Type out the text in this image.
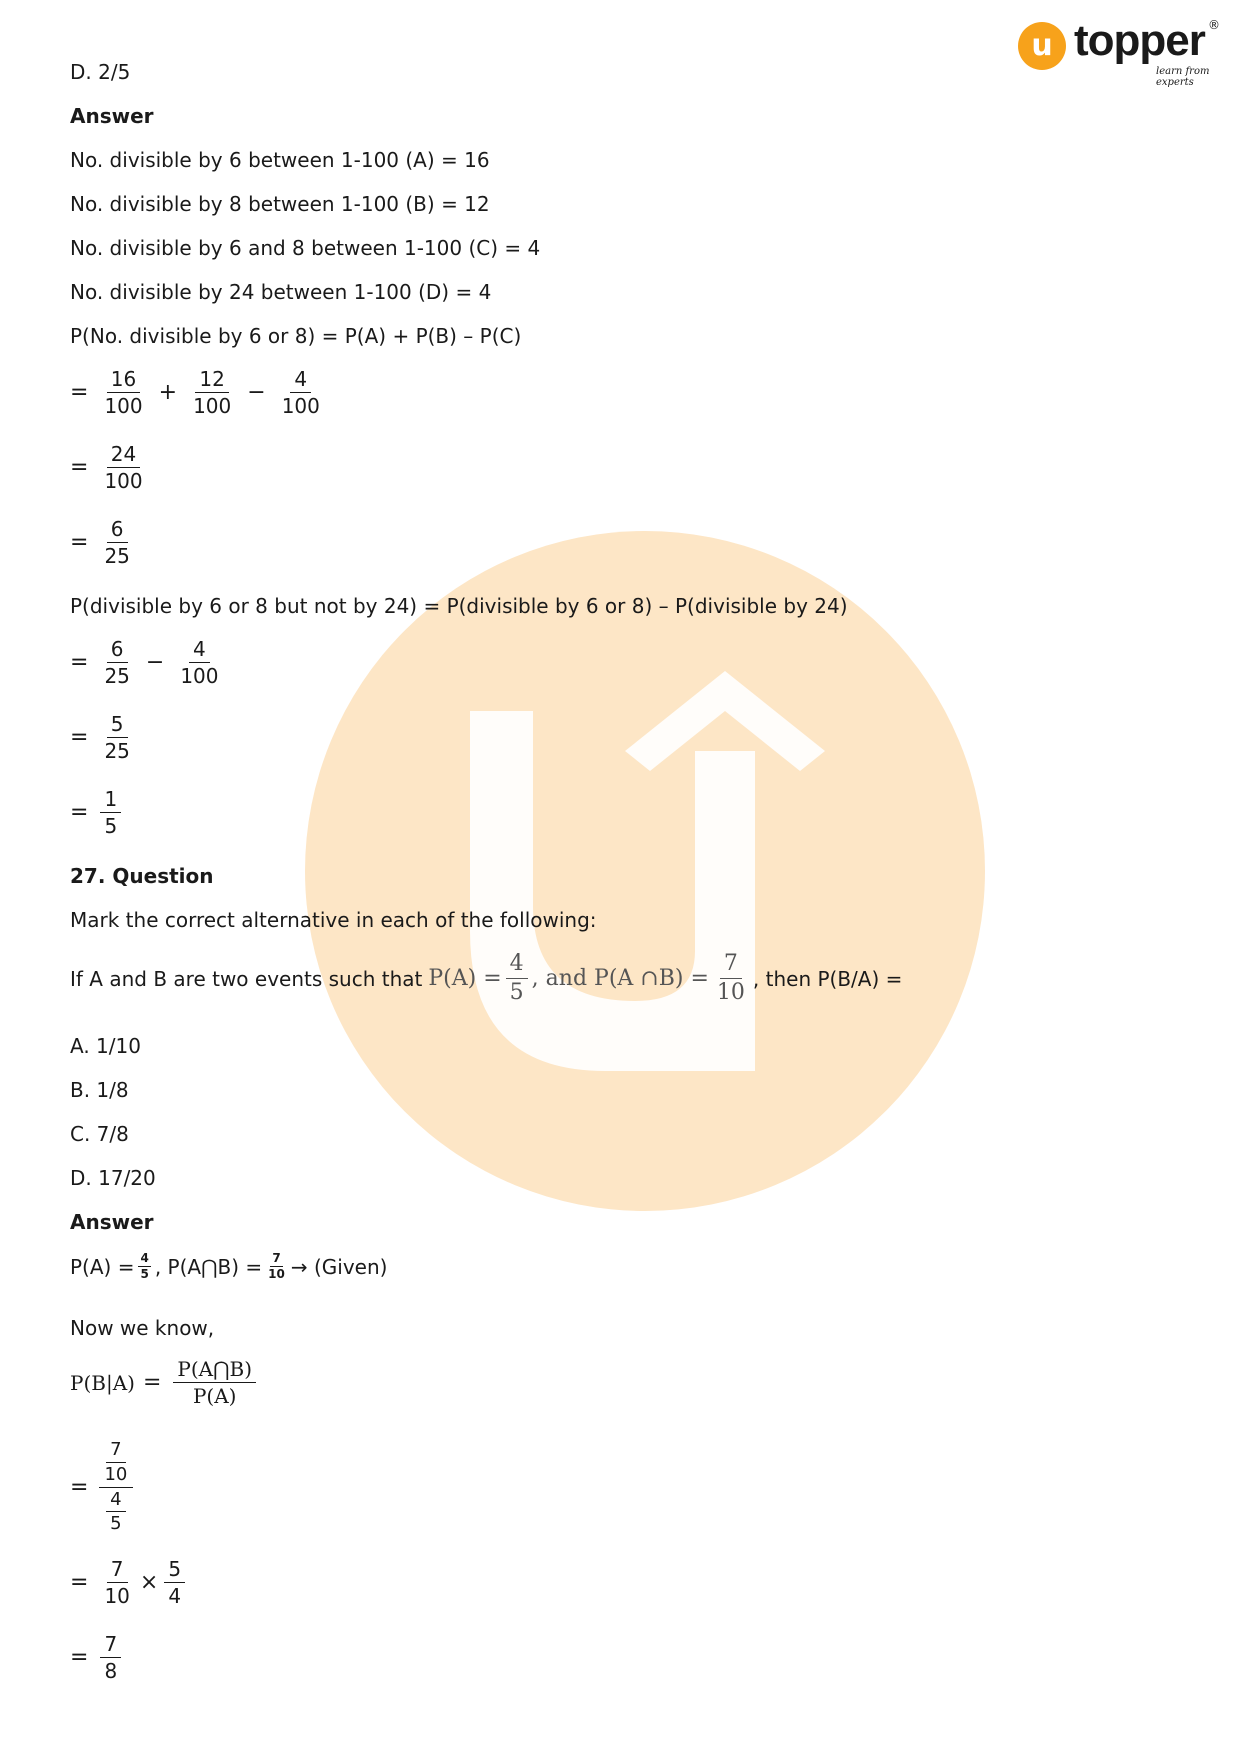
u topper ®
learn from experts
D. 2/5
Answer
No. divisible by 6 between 1-100 (A) = 16
No. divisible by 8 between 1-100 (B) = 12
No. divisible by 6 and 8 between 1-100 (C) = 4
No. divisible by 24 between 1-100 (D) = 4
P(No. divisible by 6 or 8) = P(A) + P(B) – P(C)
= $\frac{16}{100} + \frac{12}{100} - \frac{4}{100}$
= $\frac{24}{100}$
= $\frac{6}{25}$
P(divisible by 6 or 8 but not by 24) = P(divisible by 6 or 8) – P(divisible by 24)
= $\frac{6}{25} - \frac{4}{100}$
= $\frac{5}{25}$
= $\frac{1}{5}$
27. Question
Mark the correct alternative in each of the following:
If A and B are two events such that $P(A) = \frac{4}{5}$ , and P(A ∩B) = $\frac{7}{10}$ , then P(B/A) =
A. 1/10
B. 1/8
C. 7/8
D. 17/20
Answer
$P(A) = \frac{4}{5}$ , P(A⋂B) = $\frac{7}{10}$ → (Given)
Now we know,
$P(B|A) = \frac{P(A⋂B)}{P(A)}$
=
$\frac{7}{10}$
$\frac{4}{5}$
= $\frac{7}{10} \times \frac{5}{4}$
= $\frac{7}{8}$
